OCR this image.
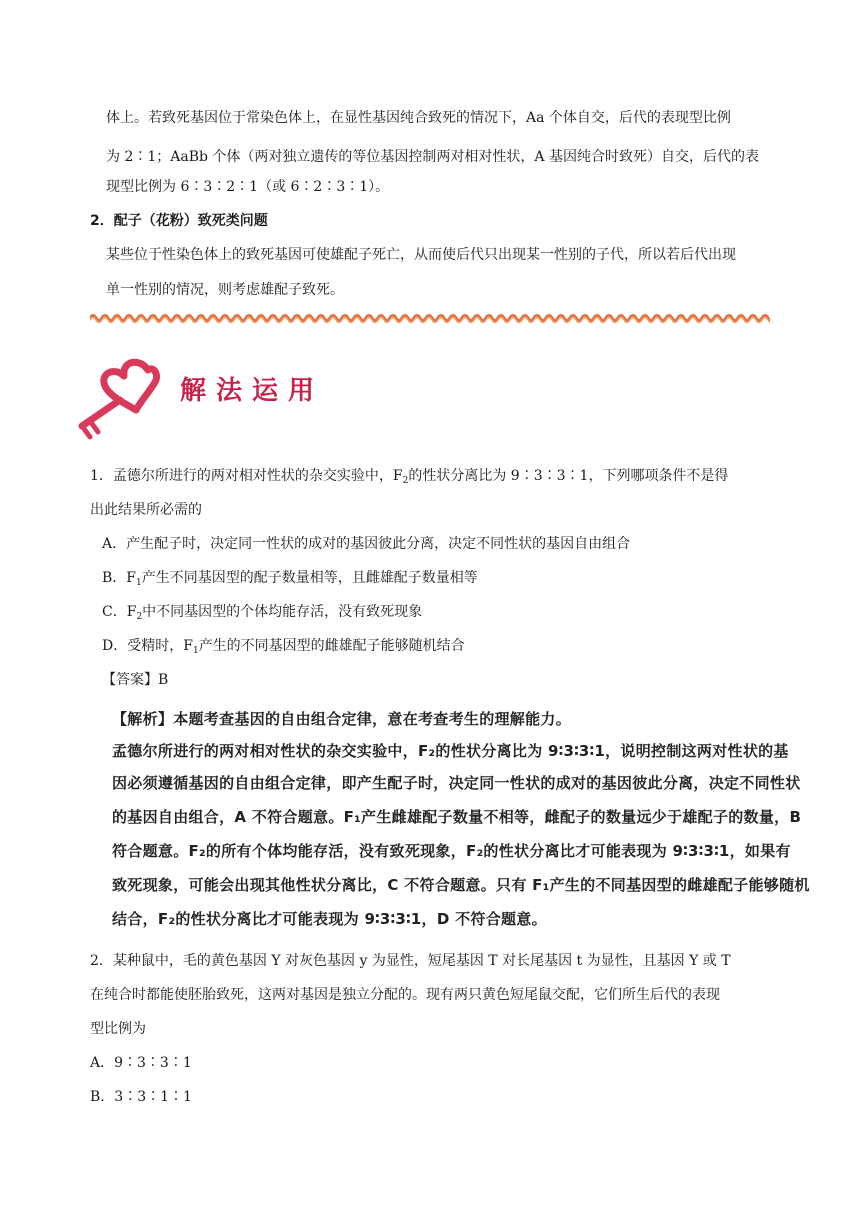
体上。若致死基因位于常染色体上，在显性基因纯合致死的情况下，Aa 个体自交，后代的表现型比例
为 2∶1；AaBb 个体（两对独立遗传的等位基因控制两对相对性状，A 基因纯合时致死）自交，后代的表
现型比例为 6∶3∶2∶1（或 6∶2∶3∶1）。
2．配子（花粉）致死类问题
某些位于性染色体上的致死基因可使雄配子死亡，从而使后代只出现某一性别的子代，所以若后代出现
单一性别的情况，则考虑雄配子致死。
解法运用
1．孟德尔所进行的两对相对性状的杂交实验中，$F_2$的性状分离比为 9∶3∶3∶1，下列哪项条件不是得
出此结果所必需的
A．产生配子时，决定同一性状的成对的基因彼此分离，决定不同性状的基因自由组合
B．$F_1$产生不同基因型的配子数量相等，且雌雄配子数量相等
C．$F_2$中不同基因型的个体均能存活，没有致死现象
D．受精时，$F_1$产生的不同基因型的雌雄配子能够随机结合
【答案】B

【解析】本题考查基因的自由组合定律，意在考查考生的理解能力。
孟德尔所进行的两对相对性状的杂交实验中，F₂的性状分离比为 9∶3∶3∶1，说明控制这两对性状的基
因必须遵循基因的自由组合定律，即产生配子时，决定同一性状的成对的基因彼此分离，决定不同性状
的基因自由组合，A 不符合题意。F₁产生雌雄配子数量不相等，雌配子的数量远少于雄配子的数量，B
符合题意。F₂的所有个体均能存活，没有致死现象，F₂的性状分离比才可能表现为 9∶3∶3∶1，如果有
致死现象，可能会出现其他性状分离比，C 不符合题意。只有 F₁产生的不同基因型的雌雄配子能够随机
结合，F₂的性状分离比才可能表现为 9∶3∶3∶1，D 不符合题意。
2．某种鼠中，毛的黄色基因 Y 对灰色基因 y 为显性，短尾基因 T 对长尾基因 t 为显性，且基因 Y 或 T
在纯合时都能使胚胎致死，这两对基因是独立分配的。现有两只黄色短尾鼠交配，它们所生后代的表现
型比例为
A．9∶3∶3∶1
B．3∶3∶1∶1
